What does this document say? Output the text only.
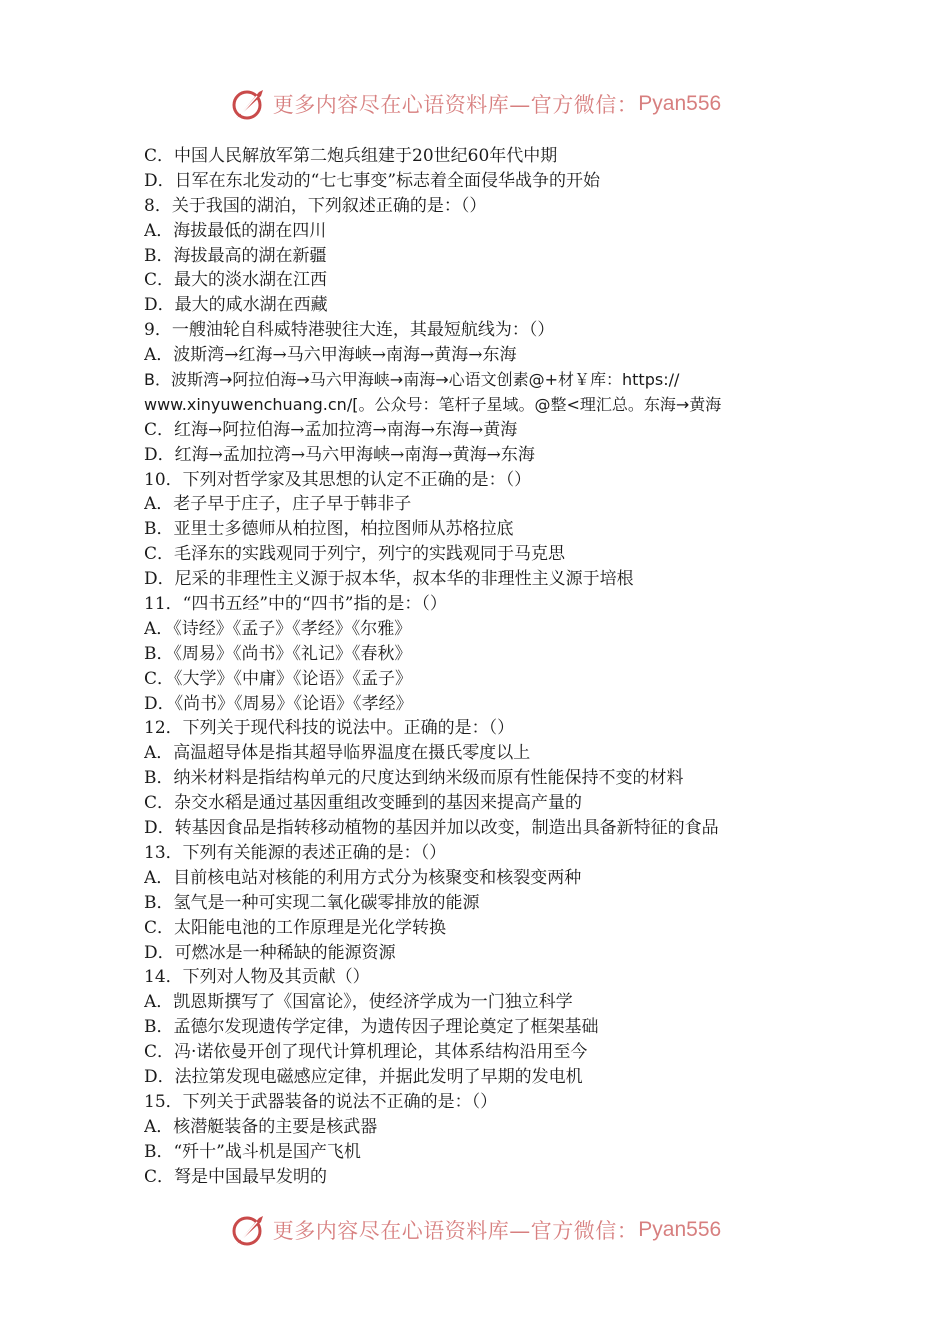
更多内容尽在心语资料库—官方微信： Pyan556
C．中国人民解放军第二炮兵组建于20世纪60年代中期
D．日军在东北发动的“七七事变”标志着全面侵华战争的开始
8．关于我国的湖泊，下列叙述正确的是：（）
A．海拔最低的湖在四川
B．海拔最高的湖在新疆
C．最大的淡水湖在江西
D．最大的咸水湖在西藏
9．一艘油轮自科威特港驶往大连，其最短航线为：（）
A．波斯湾→红海→马六甲海峡→南海→黄海→东海
B．波斯湾→阿拉伯海→马六甲海峡→南海→心语文创素@+材￥库：https://
www.xinyuwenchuang.cn/[。公众号：笔杆子星域。@整<理汇总。东海→黄海
C．红海→阿拉伯海→孟加拉湾→南海→东海→黄海
D．红海→孟加拉湾→马六甲海峡→南海→黄海→东海
10．下列对哲学家及其思想的认定不正确的是：（）
A．老子早于庄子，庄子早于韩非子
B．亚里士多德师从柏拉图，柏拉图师从苏格拉底
C．毛泽东的实践观同于列宁，列宁的实践观同于马克思
D．尼采的非理性主义源于叔本华，叔本华的非理性主义源于培根
11．“四书五经”中的“四书”指的是：（）
A．《诗经》《孟子》《孝经》《尔雅》
B．《周易》《尚书》《礼记》《春秋》
C．《大学》《中庸》《论语》《孟子》
D．《尚书》《周易》《论语》《孝经》
12．下列关于现代科技的说法中。正确的是：（）
A．高温超导体是指其超导临界温度在摄氏零度以上
B．纳米材料是指结构单元的尺度达到纳米级而原有性能保持不变的材料
C．杂交水稻是通过基因重组改变睡到的基因来提高产量的
D．转基因食品是指转移动植物的基因并加以改变，制造出具备新特征的食品
13．下列有关能源的表述正确的是：（）
A．目前核电站对核能的利用方式分为核聚变和核裂变两种
B．氢气是一种可实现二氧化碳零排放的能源
C．太阳能电池的工作原理是光化学转换
D．可燃冰是一种稀缺的能源资源
14．下列对人物及其贡献（）
A．凯恩斯撰写了《国富论》，使经济学成为一门独立科学
B．孟德尔发现遗传学定律，为遗传因子理论奠定了框架基础
C．冯·诺依曼开创了现代计算机理论，其体系结构沿用至今
D．法拉第发现电磁感应定律，并据此发明了早期的发电机
15．下列关于武器装备的说法不正确的是：（）
A．核潜艇装备的主要是核武器
B．“歼十”战斗机是国产飞机
C．弩是中国最早发明的
更多内容尽在心语资料库—官方微信： Pyan556
